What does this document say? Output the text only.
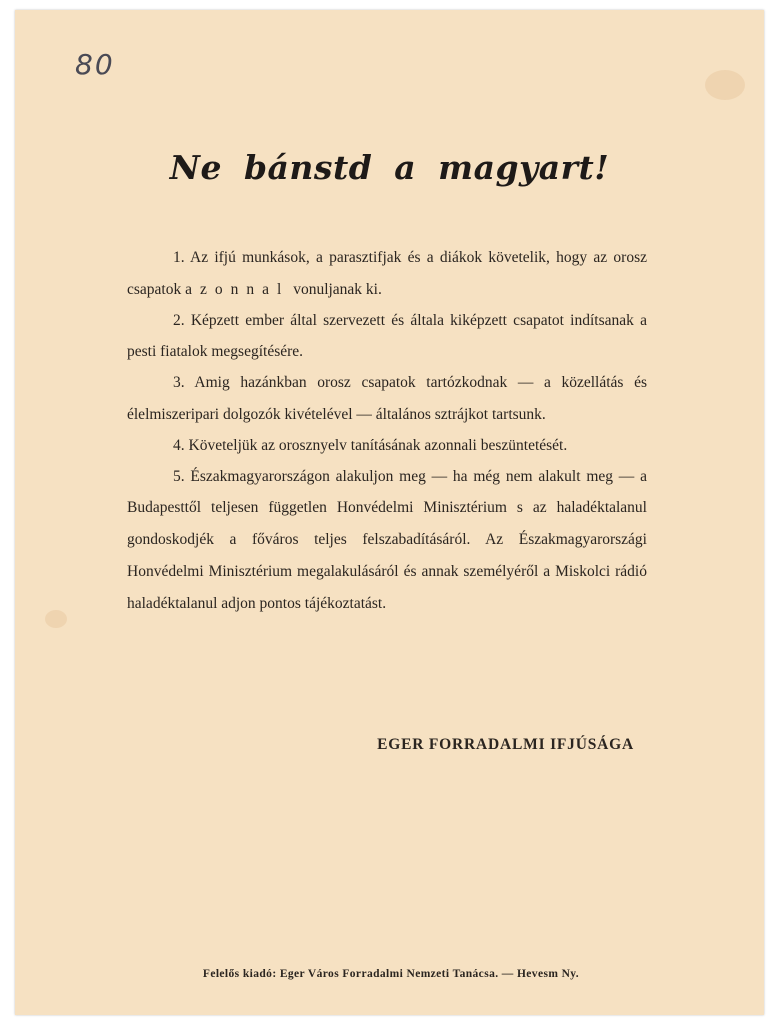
80
Ne bánstd a magyart!

1. Az ifjú munkások, a parasztifjak és a diákok követelik, hogy az orosz csapatok azonnal vonuljanak ki.

2. Képzett ember által szervezett és általa kiképzett csapatot indítsanak a pesti fiatalok megsegítésére.

3. Amig hazánkban orosz csapatok tartózkodnak — a közellátás és élelmiszeripari dolgozók kivételével — általános sztrájkot tartsunk.

4. Követeljük az orosznyelv tanításának azonnali beszüntetését.

5. Északmagyarországon alakuljon meg — ha még nem alakult meg — a Budapesttől teljesen független Honvédelmi Minisztérium s az haladéktalanul gondoskodjék a főváros teljes felszabadításáról. Az Északmagyarországi Honvédelmi Minisztérium megalakulásáról és annak személyéről a Miskolci rádió haladéktalanul adjon pontos tájékoztatást.

EGER FORRADALMI IFJÚSÁGA
Felelős kiadó: Eger Város Forradalmi Nemzeti Tanácsa. — Hevesm Ny.
